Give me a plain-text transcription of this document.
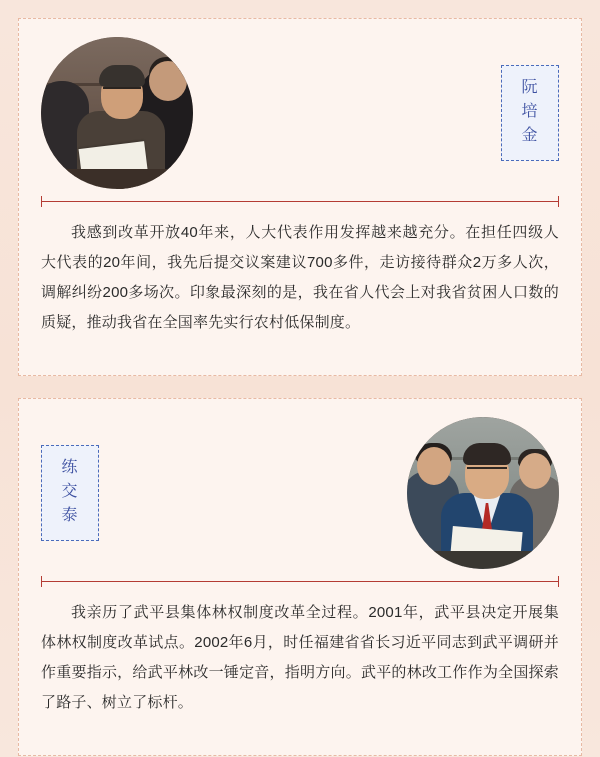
阮
培
金

我感到改革开放40年来，人大代表作用发挥越来越充分。在担任四级人大代表的20年间，我先后提交议案建议700多件，走访接待群众2万多人次，调解纠纷200多场次。印象最深刻的是，我在省人代会上对我省贫困人口数的质疑，推动我省在全国率先实行农村低保制度。

练
交
泰

我亲历了武平县集体林权制度改革全过程。2001年，武平县决定开展集体林权制度改革试点。2002年6月，时任福建省省长习近平同志到武平调研并作重要指示，给武平林改一锤定音，指明方向。武平的林改工作作为全国探索了路子、树立了标杆。
